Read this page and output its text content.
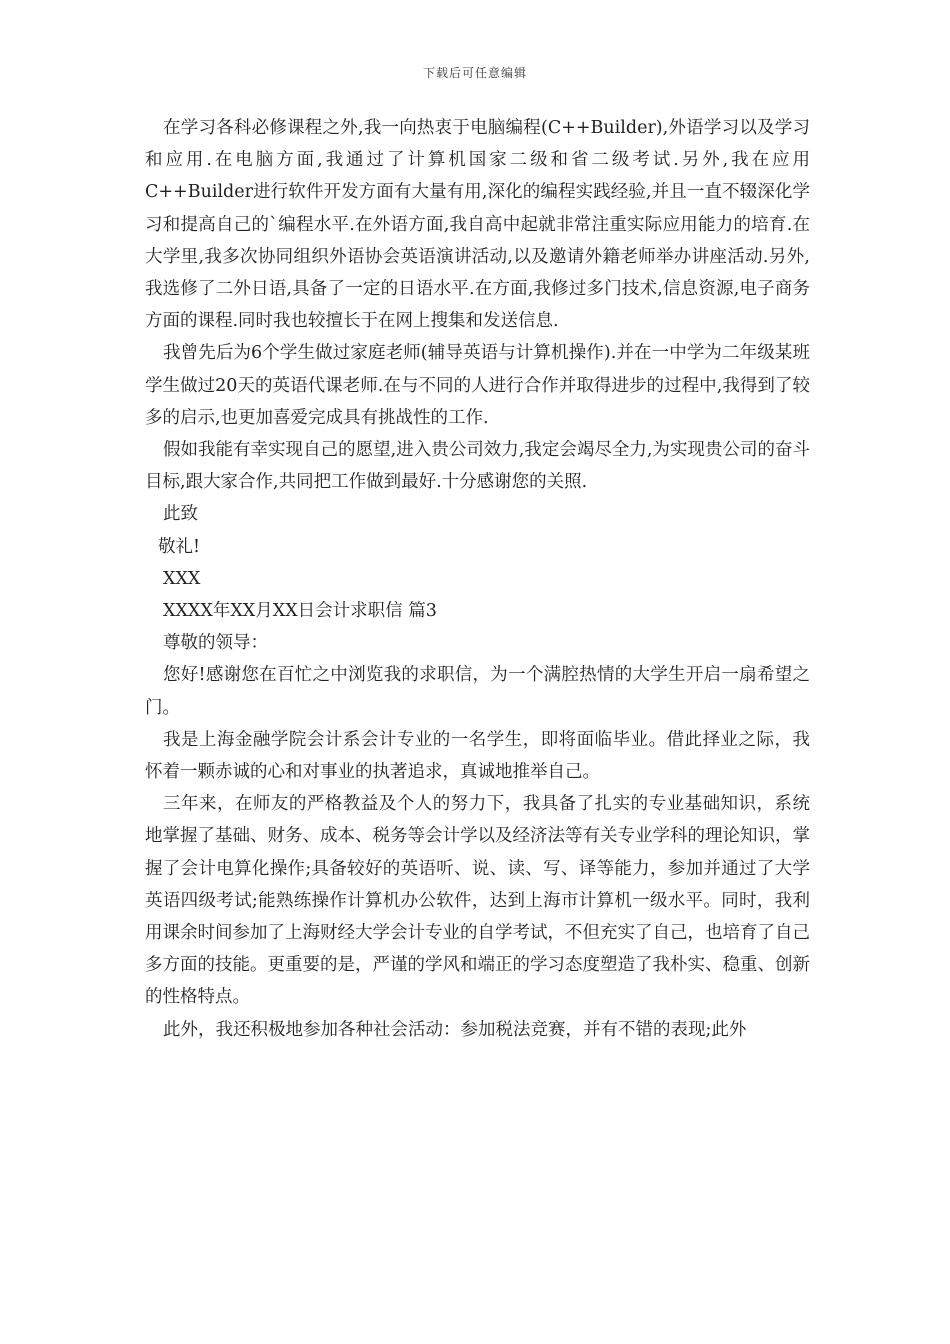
下载后可任意编辑

在学习各科必修课程之外,我一向热衷于电脑编程(C++Builder),外语学习以及学习和应用.在电脑方面,我通过了计算机国家二级和省二级考试.另外,我在应用C++Builder进行软件开发方面有大量有用,深化的编程实践经验,并且一直不辍深化学习和提高自己的`编程水平.在外语方面,我自高中起就非常注重实际应用能力的培育.在大学里,我多次协同组织外语协会英语演讲活动,以及邀请外籍老师举办讲座活动.另外,我选修了二外日语,具备了一定的日语水平.在方面,我修过多门技术,信息资源,电子商务方面的课程.同时我也较擅长于在网上搜集和发送信息.

我曾先后为6个学生做过家庭老师(辅导英语与计算机操作).并在一中学为二年级某班学生做过20天的英语代课老师.在与不同的人进行合作并取得进步的过程中,我得到了较多的启示,也更加喜爱完成具有挑战性的工作.

假如我能有幸实现自己的愿望,进入贵公司效力,我定会竭尽全力,为实现贵公司的奋斗目标,跟大家合作,共同把工作做到最好.十分感谢您的关照.

此致

敬礼!

XXX

XXXX年XX月XX日会计求职信 篇3

尊敬的领导：

您好!感谢您在百忙之中浏览我的求职信，为一个满腔热情的大学生开启一扇希望之门。

我是上海金融学院会计系会计专业的一名学生，即将面临毕业。借此择业之际，我怀着一颗赤诚的心和对事业的执著追求，真诚地推举自己。

三年来，在师友的严格教益及个人的努力下，我具备了扎实的专业基础知识，系统地掌握了基础、财务、成本、税务等会计学以及经济法等有关专业学科的理论知识，掌握了会计电算化操作;具备较好的英语听、说、读、写、译等能力，参加并通过了大学英语四级考试;能熟练操作计算机办公软件，达到上海市计算机一级水平。同时，我利用课余时间参加了上海财经大学会计专业的自学考试，不但充实了自己，也培育了自己多方面的技能。更重要的是，严谨的学风和端正的学习态度塑造了我朴实、稳重、创新的性格特点。

此外，我还积极地参加各种社会活动：参加税法竞赛，并有不错的表现;此外
